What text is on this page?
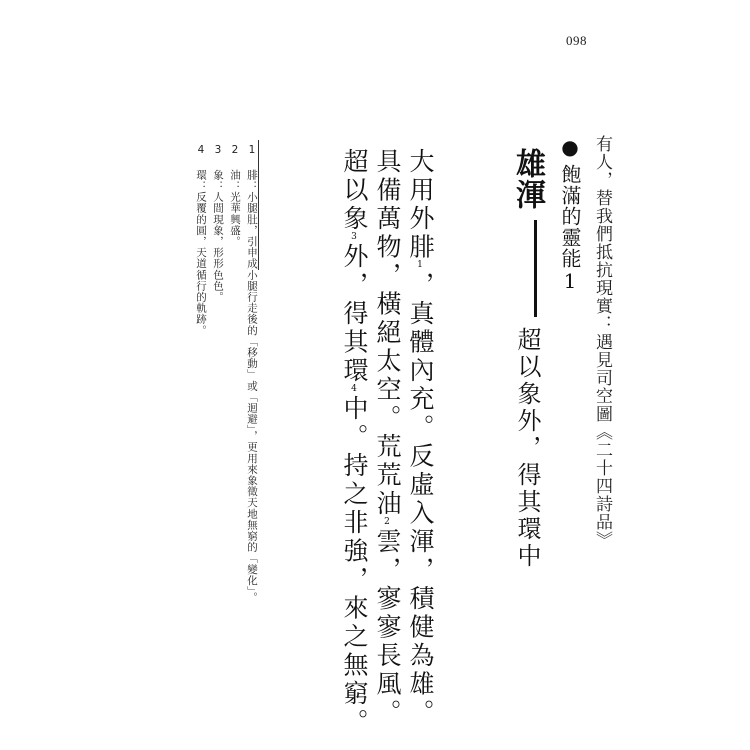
098
有人，替我們抵抗現實：遇見司空圖《二十四詩品》
●飽滿的靈能1
雄渾超以象外，得其環中
大用外腓1，真體內充。反虛入渾，積健為雄。
具備萬物，橫絕太空。荒荒油2雲，寥寥長風。
超以象3外，得其環4中。持之非強，來之無窮。
1 腓：小腿肚，引申成小腿行走後的「移動」或「迴避」，更用來象徵天地無窮的「變化」。
2 油：光華興盛。
3 象：人間現象，形形色色。
4 環：反覆的圓，天道循行的軌跡。
